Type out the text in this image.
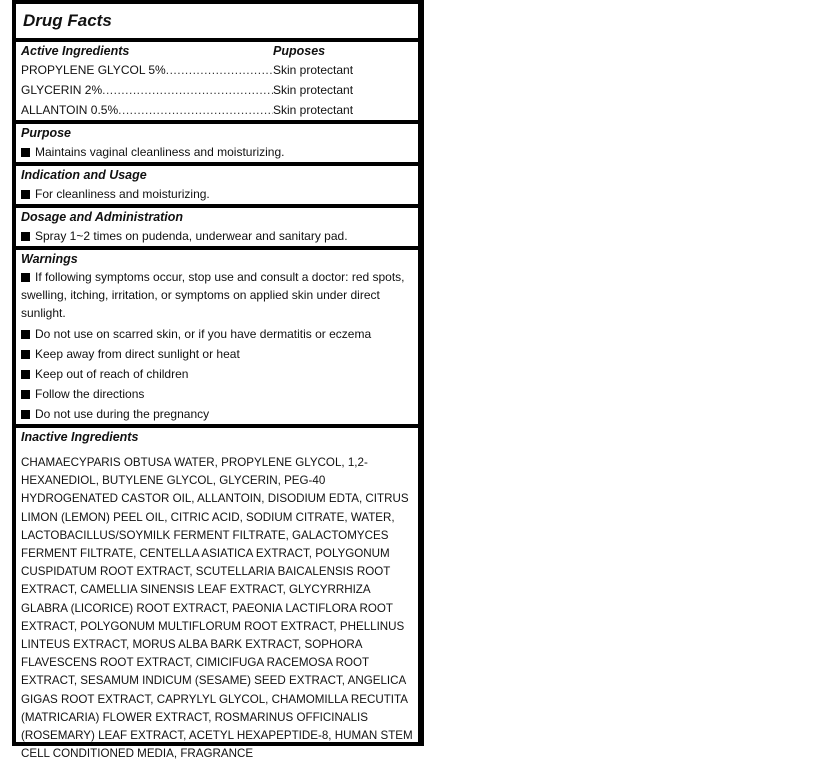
Drug Facts
Active Ingredients	Puposes
PROPYLENE GLYCOL 5% .....	Skin protectant
GLYCERIN 2% .....	Skin protectant
ALLANTOIN 0.5% .....	Skin protectant
Purpose
Maintains vaginal cleanliness and moisturizing.
Indication and Usage
For cleanliness and moisturizing.
Dosage and Administration
Spray 1~2 times on pudenda, underwear and sanitary pad.
Warnings
If following symptoms occur, stop use and consult a doctor: red spots, swelling, itching, irritation, or symptoms on applied skin under direct sunlight.
Do not use on scarred skin, or if you have dermatitis or eczema
Keep away from direct sunlight or heat
Keep out of reach of children
Follow the directions
Do not use during the pregnancy
Inactive Ingredients
CHAMAECYPARIS OBTUSA WATER, PROPYLENE GLYCOL, 1,2-HEXANEDIOL, BUTYLENE GLYCOL, GLYCERIN, PEG-40 HYDROGENATED CASTOR OIL, ALLANTOIN, DISODIUM EDTA, CITRUS LIMON (LEMON) PEEL OIL, CITRIC ACID, SODIUM CITRATE, WATER, LACTOBACILLUS/SOYMILK FERMENT FILTRATE, GALACTOMYCES FERMENT FILTRATE, CENTELLA ASIATICA EXTRACT, POLYGONUM CUSPIDATUM ROOT EXTRACT, SCUTELLARIA BAICALENSIS ROOT EXTRACT, CAMELLIA SINENSIS LEAF EXTRACT, GLYCYRRHIZA GLABRA (LICORICE) ROOT EXTRACT, PAEONIA LACTIFLORA ROOT EXTRACT, POLYGONUM MULTIFLORUM ROOT EXTRACT, PHELLINUS LINTEUS EXTRACT, MORUS ALBA BARK EXTRACT, SOPHORA FLAVESCENS ROOT EXTRACT, CIMICIFUGA RACEMOSA ROOT EXTRACT, SESAMUM INDICUM (SESAME) SEED EXTRACT, ANGELICA GIGAS ROOT EXTRACT, CAPRYLYL GLYCOL, CHAMOMILLA RECUTITA (MATRICARIA) FLOWER EXTRACT, ROSMARINUS OFFICINALIS (ROSEMARY) LEAF EXTRACT, ACETYL HEXAPEPTIDE-8, HUMAN STEM CELL CONDITIONED MEDIA, FRAGRANCE
